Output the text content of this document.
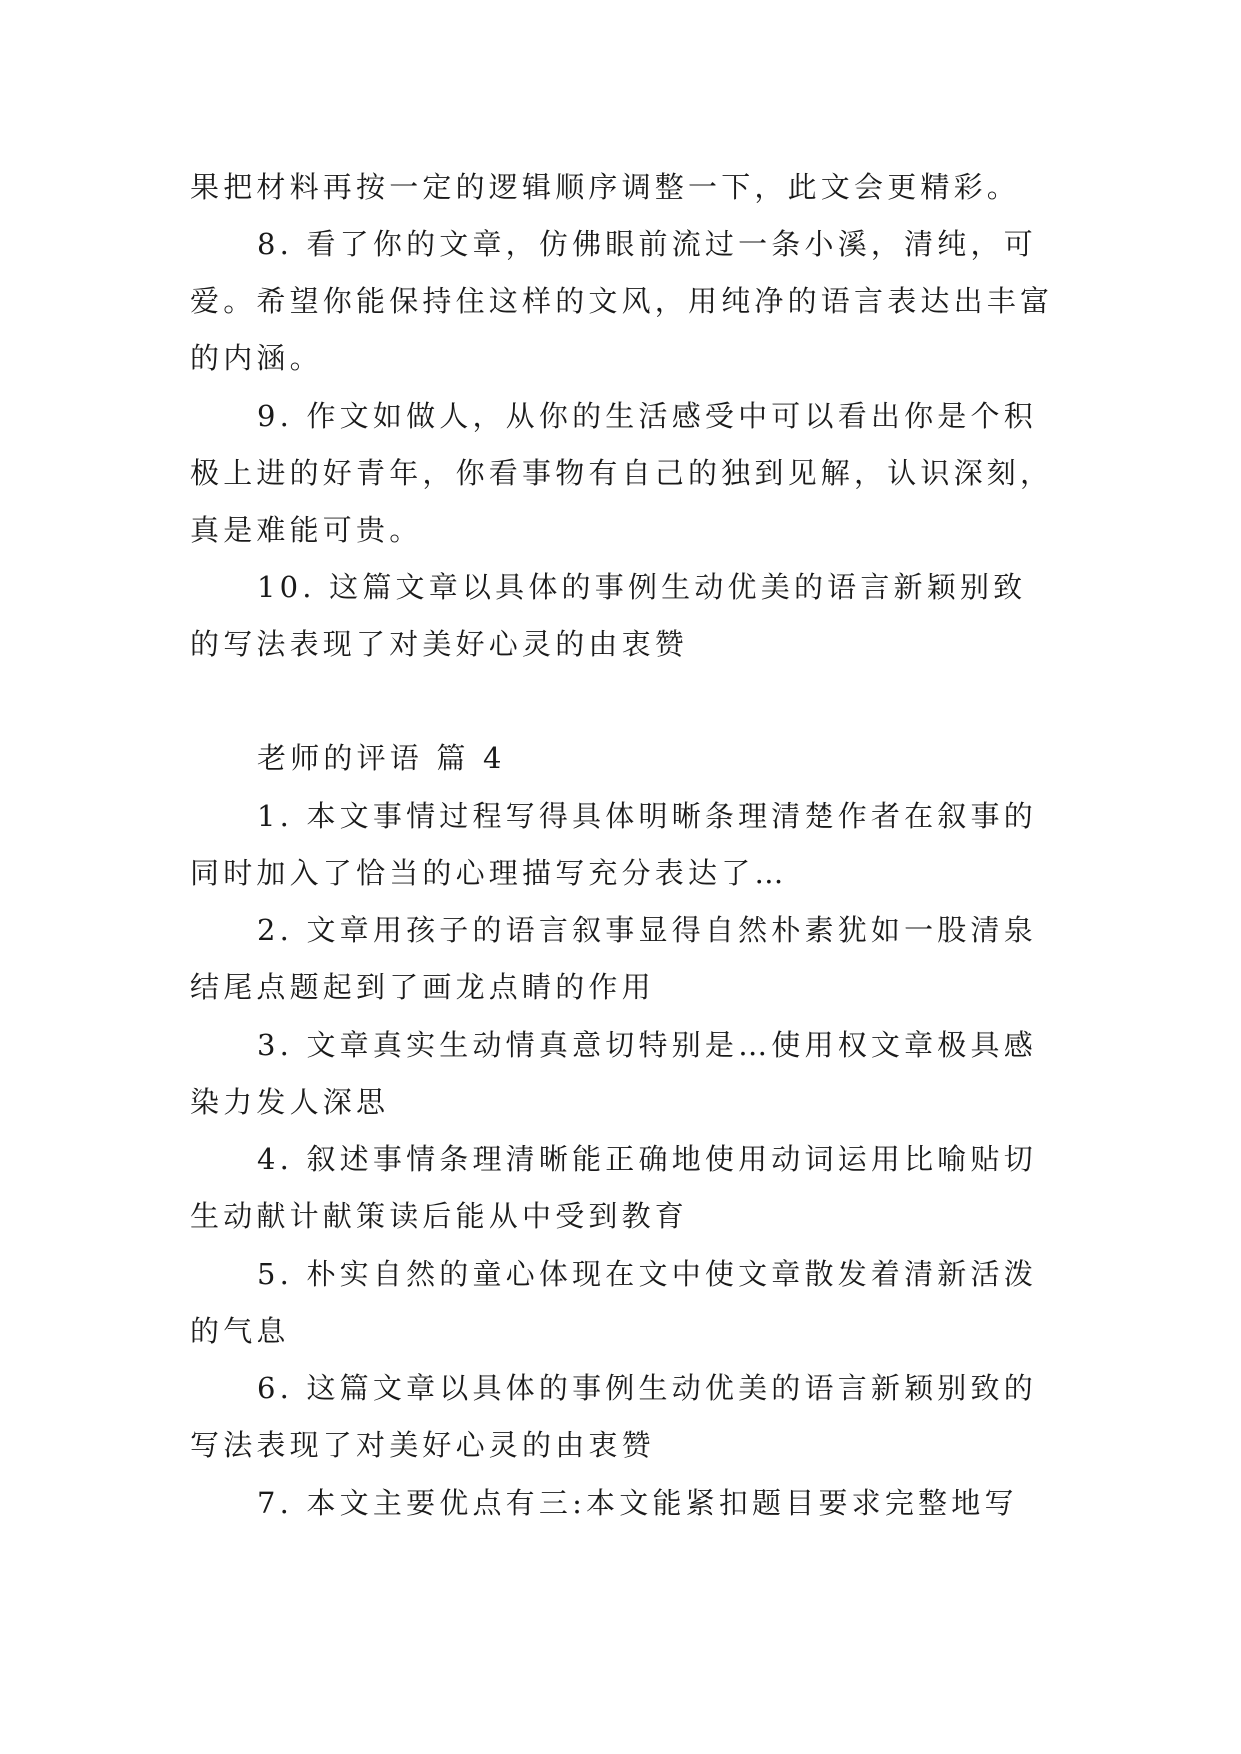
果把材料再按一定的逻辑顺序调整一下，此文会更精彩。
8. 看了你的文章，仿佛眼前流过一条小溪，清纯，可
爱。希望你能保持住这样的文风，用纯净的语言表达出丰富
的内涵。
9. 作文如做人，从你的生活感受中可以看出你是个积
极上进的好青年，你看事物有自己的独到见解，认识深刻，
真是难能可贵。
10. 这篇文章以具体的事例生动优美的语言新颖别致
的写法表现了对美好心灵的由衷赞
老师的评语 篇 4
1. 本文事情过程写得具体明晰条理清楚作者在叙事的
同时加入了恰当的心理描写充分表达了…
2. 文章用孩子的语言叙事显得自然朴素犹如一股清泉
结尾点题起到了画龙点睛的作用
3. 文章真实生动情真意切特别是…使用权文章极具感
染力发人深思
4. 叙述事情条理清晰能正确地使用动词运用比喻贴切
生动献计献策读后能从中受到教育
5. 朴实自然的童心体现在文中使文章散发着清新活泼
的气息
6. 这篇文章以具体的事例生动优美的语言新颖别致的
写法表现了对美好心灵的由衷赞
7. 本文主要优点有三:本文能紧扣题目要求完整地写
